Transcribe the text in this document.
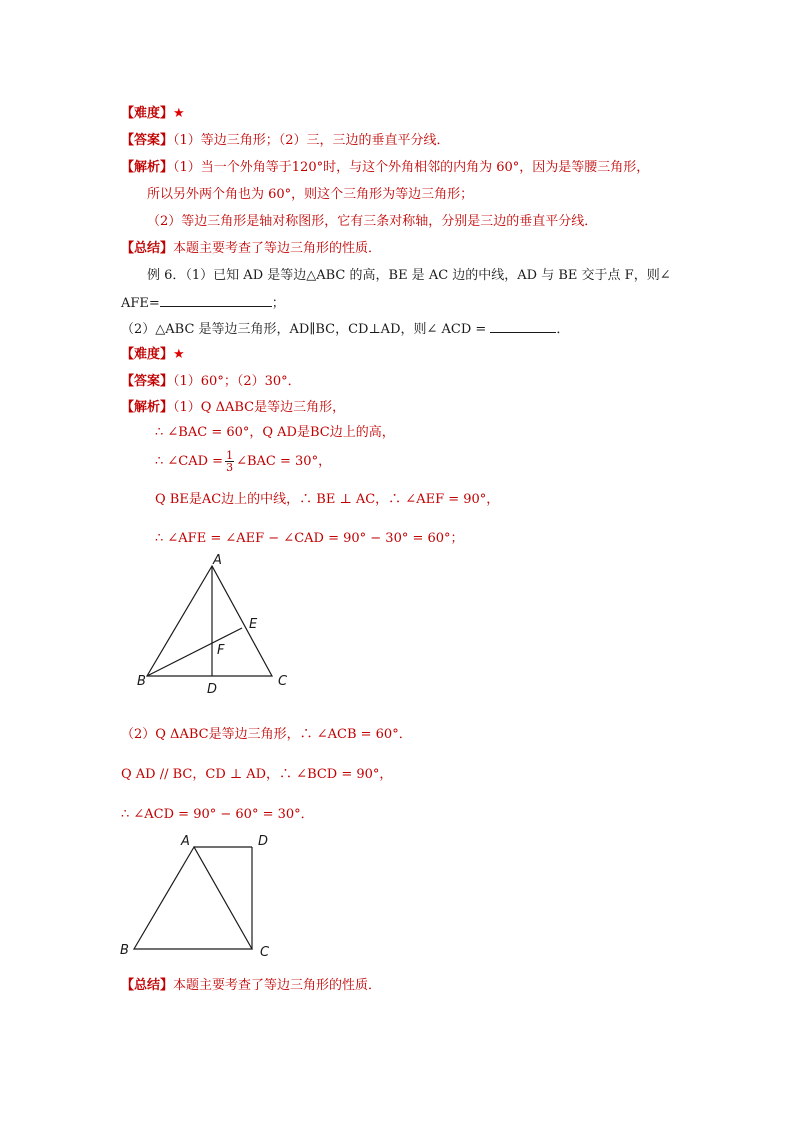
【难度】★
【答案】（1）等边三角形；（2）三，三边的垂直平分线．
【解析】（1）当一个外角等于120°时，与这个外角相邻的内角为 60°，因为是等腰三角形，
所以另外两个角也为 60°，则这个三角形为等边三角形；
（2）等边三角形是轴对称图形，它有三条对称轴，分别是三边的垂直平分线．
【总结】本题主要考查了等边三角形的性质．
例 6．（1）已知 AD 是等边△ABC 的高，BE 是 AC 边的中线，AD 与 BE 交于点 F，则∠
AFE=	；
（2）△ABC 是等边三角形，AD∥BC，CD⊥AD，则∠ ACD =	．
【难度】★
【答案】（1）60°；（2）30°．
【解析】（1）Q ΔABC是等边三角形，
∴ ∠BAC = 60°，Q AD是BC边上的高，
∴ ∠CAD = $\frac{1}{3}$ ∠BAC = 30°，
Q BE是AC边上的中线，∴ BE ⊥ AC，∴ ∠AEF = 90°，
∴ ∠AFE = ∠AEF − ∠CAD = 90° − 30° = 60°；
A
B	C
D
E
F
（2）Q ΔABC是等边三角形，∴ ∠ACB = 60°．
Q AD // BC，CD ⊥ AD，∴ ∠BCD = 90°，
∴ ∠ACD = 90° − 60° = 30°．
A	D
B	C
【总结】本题主要考查了等边三角形的性质．
